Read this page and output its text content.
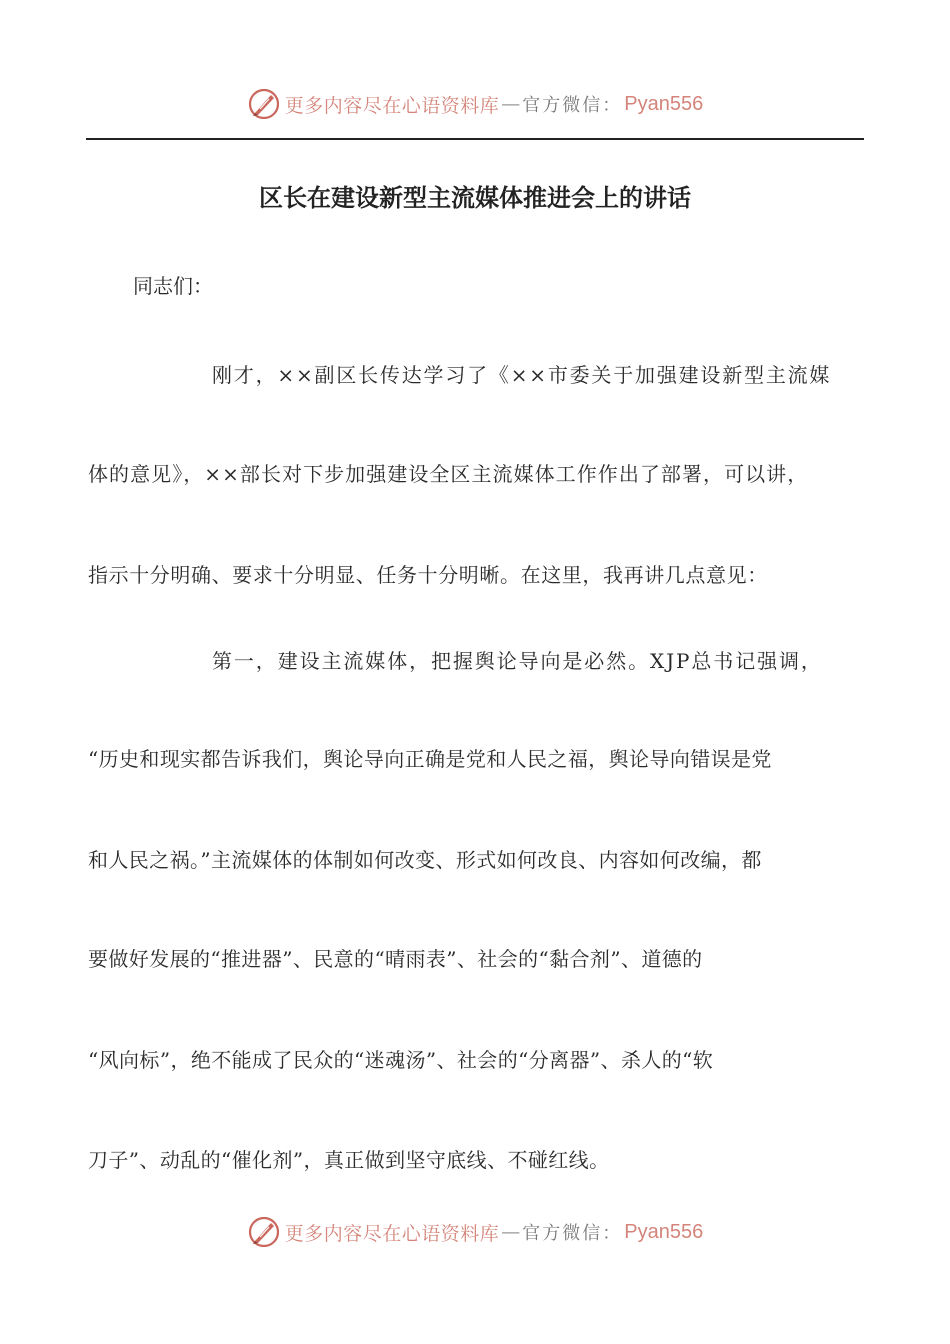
更多内容尽在心语资料库 — 官方微信： Pyan556
区长在建设新型主流媒体推进会上的讲话
同志们：
刚才，××副区长传达学习了《××市委关于加强建设新型主流媒
体的意见》，××部长对下步加强建设全区主流媒体工作作出了部署，可以讲，
指示十分明确、要求十分明显、任务十分明晰。在这里，我再讲几点意见：
第一，建设主流媒体，把握舆论导向是必然。XJP总书记强调，
“历史和现实都告诉我们，舆论导向正确是党和人民之福，舆论导向错误是党
和人民之祸。”主流媒体的体制如何改变、形式如何改良、内容如何改编，都
要做好发展的“推进器”、民意的“晴雨表”、社会的“黏合剂”、道德的
“风向标”，绝不能成了民众的“迷魂汤”、社会的“分离器”、杀人的“软
刀子”、动乱的“催化剂”，真正做到坚守底线、不碰红线。
更多内容尽在心语资料库 — 官方微信： Pyan556
